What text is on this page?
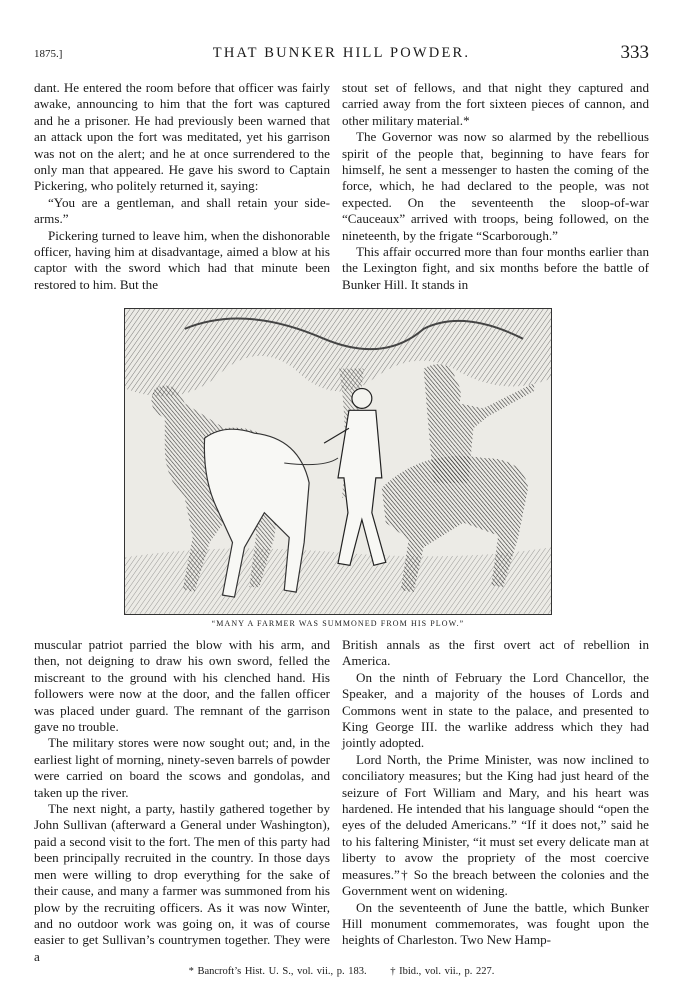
1875.]	THAT BUNKER HILL POWDER.	333

dant. He entered the room before that officer was fairly awake, announcing to him that the fort was captured and he a prisoner. He had previously been warned that an attack upon the fort was meditated, yet his garrison was not on the alert; and he at once surrendered to the only man that appeared. He gave his sword to Captain Pickering, who politely returned it, saying:

“You are a gentleman, and shall retain your side-arms.”

Pickering turned to leave him, when the dishonorable officer, having him at disadvantage, aimed a blow at his captor with the sword which had that minute been restored to him. But the

stout set of fellows, and that night they captured and carried away from the fort sixteen pieces of cannon, and other military material.*

The Governor was now so alarmed by the rebellious spirit of the people that, beginning to have fears for himself, he sent a messenger to hasten the coming of the force, which, he had declared to the people, was not expected. On the seventeenth the sloop-of-war “Cauceaux” arrived with troops, being followed, on the nineteenth, by the frigate “Scarborough.”

This affair occurred more than four months earlier than the Lexington fight, and six months before the battle of Bunker Hill. It stands in

“MANY A FARMER WAS SUMMONED FROM HIS PLOW.”

muscular patriot parried the blow with his arm, and then, not deigning to draw his own sword, felled the miscreant to the ground with his clenched hand. His followers were now at the door, and the fallen officer was placed under guard. The remnant of the garrison gave no trouble.

The military stores were now sought out; and, in the earliest light of morning, ninety-seven barrels of powder were carried on board the scows and gondolas, and taken up the river.

The next night, a party, hastily gathered together by John Sullivan (afterward a General under Washington), paid a second visit to the fort. The men of this party had been principally recruited in the country. In those days men were willing to drop everything for the sake of their cause, and many a farmer was summoned from his plow by the recruiting officers. As it was now Winter, and no outdoor work was going on, it was of course easier to get Sullivan’s countrymen together. They were a

British annals as the first overt act of rebellion in America.

On the ninth of February the Lord Chancellor, the Speaker, and a majority of the houses of Lords and Commons went in state to the palace, and presented to King George III. the warlike address which they had jointly adopted.

Lord North, the Prime Minister, was now inclined to conciliatory measures; but the King had just heard of the seizure of Fort William and Mary, and his heart was hardened. He intended that his language should “open the eyes of the deluded Americans.” “If it does not,” said he to his faltering Minister, “it must set every delicate man at liberty to avow the propriety of the most coercive measures.”† So the breach between the colonies and the Government went on widening.

On the seventeenth of June the battle, which Bunker Hill monument commemorates, was fought upon the heights of Charleston. Two New Hamp-

* Bancroft’s Hist. U. S., vol. vii., p. 183. † Ibid., vol. vii., p. 227.
